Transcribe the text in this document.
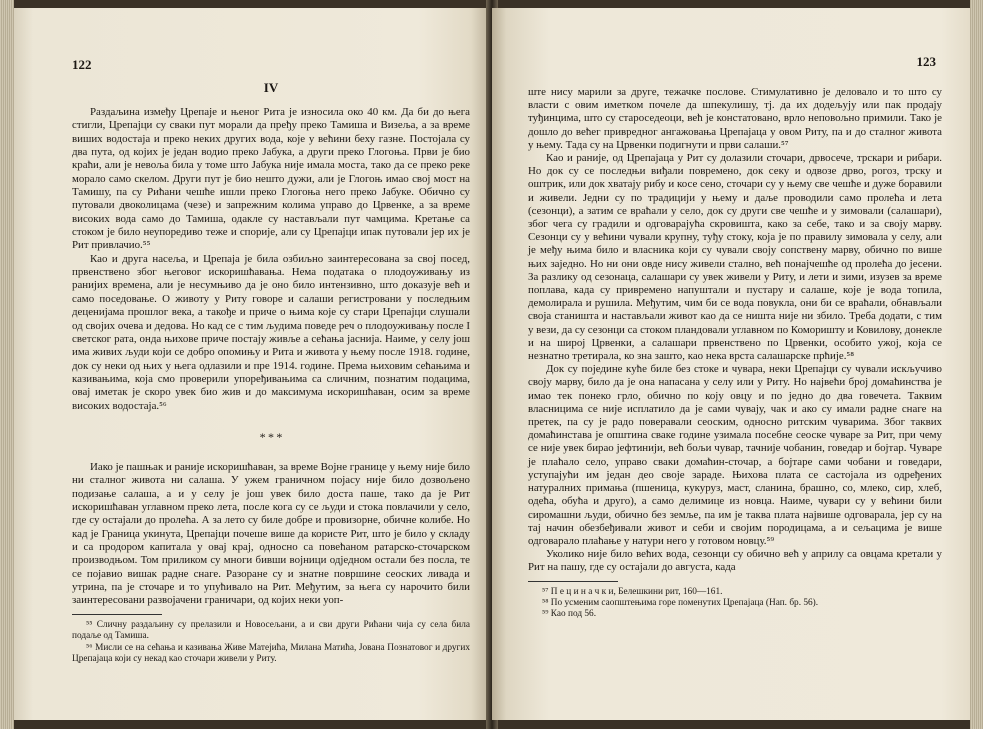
122
IV

Раздаљина између Црепаје и њеног Рита је износила око 40 км. Да би до њега стигли, Црепајци су сваки пут морали да пређу преко Тамиша и Визеља, а за време виших водостаја и преко неких других вода, које у већини беху газне. Постојала су два пута, од којих је један водио преко Јабука, а други преко Глогоња. Први је био краћи, али је невоља била у томе што Јабука није имала моста, тако да се преко реке морало само скелом. Други пут је био нешто дужи, али је Глогоњ имао свој мост на Тамишу, па су Рићани чешће ишли преко Глогоња него преко Јабуке. Обично су путовали двоколицама (чезе) и запрежним колима управо до Црвенке, а за време високих вода само до Тамиша, одакле су настављали пут чамцима. Кретање са стоком је било неупоредиво теже и спорије, али су Црепајци ипак путовали јер их је Рит привлачио.⁵⁵

Као и друга насеља, и Црепаја је била озбиљно заинтересована за свој посед, првенствено због његовог искоришћавања. Нема података о плодоуживању из ранијих времена, али је несумњиво да је оно било интензивно, што доказује већ и само поседовање. О животу у Риту говоре и салаши регистровани у последњим деценијама прошлог века, а такође и приче о њима које су стари Црепајци слушали од својих очева и дедова. Но кад се с тим људима поведе реч о плодоуживању после I светског рата, онда њихове приче постају живље а сећања јаснија. Наиме, у селу још има живих људи који се добро опомињу и Рита и живота у њему после 1918. године, док су неки од њих у њега одлазили и пре 1914. године. Према њиховим сећањима и казивањима, која смо проверили упоређивањима са сличним, познатим подацима, овај иметак је скоро увек био жив и до максимума искоришћаван, осим за време високих водостаја.⁵⁶

* * *

Иако је пашњак и раније искоришћаван, за време Војне границе у њему није било ни сталног живота ни салаша. У ужем граничном појасу није било дозвољено подизање салаша, а и у селу је још увек било доста паше, тако да је Рит искоришћаван углавном преко лета, после кога су се људи и стока повлачили у село, где су остајали до пролећа. А за лето су биле добре и провизорне, обичне колибе. Но кад је Граница укинута, Црепајци почеше више да користе Рит, што је било у складу и са продором капитала у овај крај, односно са повећаном ратарско-сточарском производњом. Том приликом су многи бивши војници одједном остали без посла, те се појавио вишак радне снаге. Разоране су и знатне површине сеоских ливада и утрина, па је сточаре и то упућивало на Рит. Међутим, за њега су нарочито били заинтересовани развојачени граничари, од којих неки уоп-

⁵⁵ Сличну раздаљину су прелазили и Новосељани, а и сви други Рићани чија су села била подаље од Тамиша.

⁵⁶ Мисли се на сећања и казивања Живе Матејића, Милана Матића, Јована Познатовог и других Црепајаца који су некад као сточари живели у Риту.

123

ште нису марили за друге, тежачке послове. Стимулативно је деловало и то што су власти с овим иметком почеле да шпекулишу, тј. да их додељују или пак продају туђинцима, што су староседеоци, већ је констатовано, врло неповољно примили. Тако је дошло до већег привредног ангажовања Црепајаца у овом Риту, па и до сталног живота у њему. Тада су на Црвенки подигнути и први салаши.⁵⁷

Као и раније, од Црепајаца у Рит су долазили сточари, дрвосече, трскари и рибари. Но док су се последњи виђали повремено, док секу и одвозе дрво, рогоз, трску и оштрик, или док хватају рибу и косе сено, сточари су у њему све чешће и дуже боравили и живели. Једни су по традицији у њему и даље проводили само пролећа и лета (сезонци), а затим се враћали у село, док су други све чешће и у зимовали (салашари), због чега су градили и одговарајућа скровишта, како за себе, тако и за своју марву. Сезонци су у већини чували крупну, туђу стоку, која је по правилу зимовала у селу, али је међу њима било и власника који су чували своју сопствену марву, обично по више њих заједно. Но ни они овде нису живели стално, већ понајчешће од пролећа до јесени. За разлику од сезонаца, салашари су увек живели у Риту, и лети и зими, изузев за време поплава, када су привремено напуштали и пустару и салаше, које је вода топила, демолирала и рушила. Међутим, чим би се вода повукла, они би се враћали, обнављали своја станишта и настављали живот као да се ништа није ни збило. Треба додати, с тим у вези, да су сезонци са стоком пландовали углавном по Коморишту и Ковилову, донекле и на широј Црвенки, а салашари првенствено по Црвенки, особито ужој, која се незнатно третирала, ко зна зашто, као нека врста салашарске прћије.⁵⁸

Док су поједине куће биле без стоке и чувара, неки Црепајци су чували искључиво своју марву, било да је она напасана у селу или у Риту. Но највећи број домаћинства је имао тек понеко грло, обично по коју овцу и по једно до два говечета. Таквим власницима се није исплатило да је сами чувају, чак и ако су имали радне снаге на претек, па су је радо поверавали сеоским, односно ритским чуварима. Због таквих домаћинстава је општина сваке године узимала посебне сеоске чуваре за Рит, при чему се није увек бирао јефтинији, већ бољи чувар, тачније чобанин, говедар и бојтар. Чуваре је плаћало село, управо сваки домаћин-сточар, а бојтаре сами чобани и говедари, уступајући им један део своје зараде. Њихова плата се састојала из одређених натуралних примања (пшеница, кукуруз, маст, сланина, брашно, со, млеко, сир, хлеб, одећа, обућа и друго), а само делимице из новца. Наиме, чувари су у већини били сиромашни људи, обично без земље, па им је таква плата највише одговарала, јер су на тај начин обезбеђивали живот и себи и својим породицама, а и сељацима је више одговарало плаћање у натури него у готовом новцу.⁵⁹

Уколико није било већих вода, сезонци су обично већ у априлу са овцама кретали у Рит на пашу, где су остајали до августа, када

⁵⁷ П е ц и н а ч к и, Белешкини рит, 160—161.

⁵⁸ По усменим саопштењима горе поменутих Црепајаца (Нап. бр. 56).

⁵⁹ Као под 56.
